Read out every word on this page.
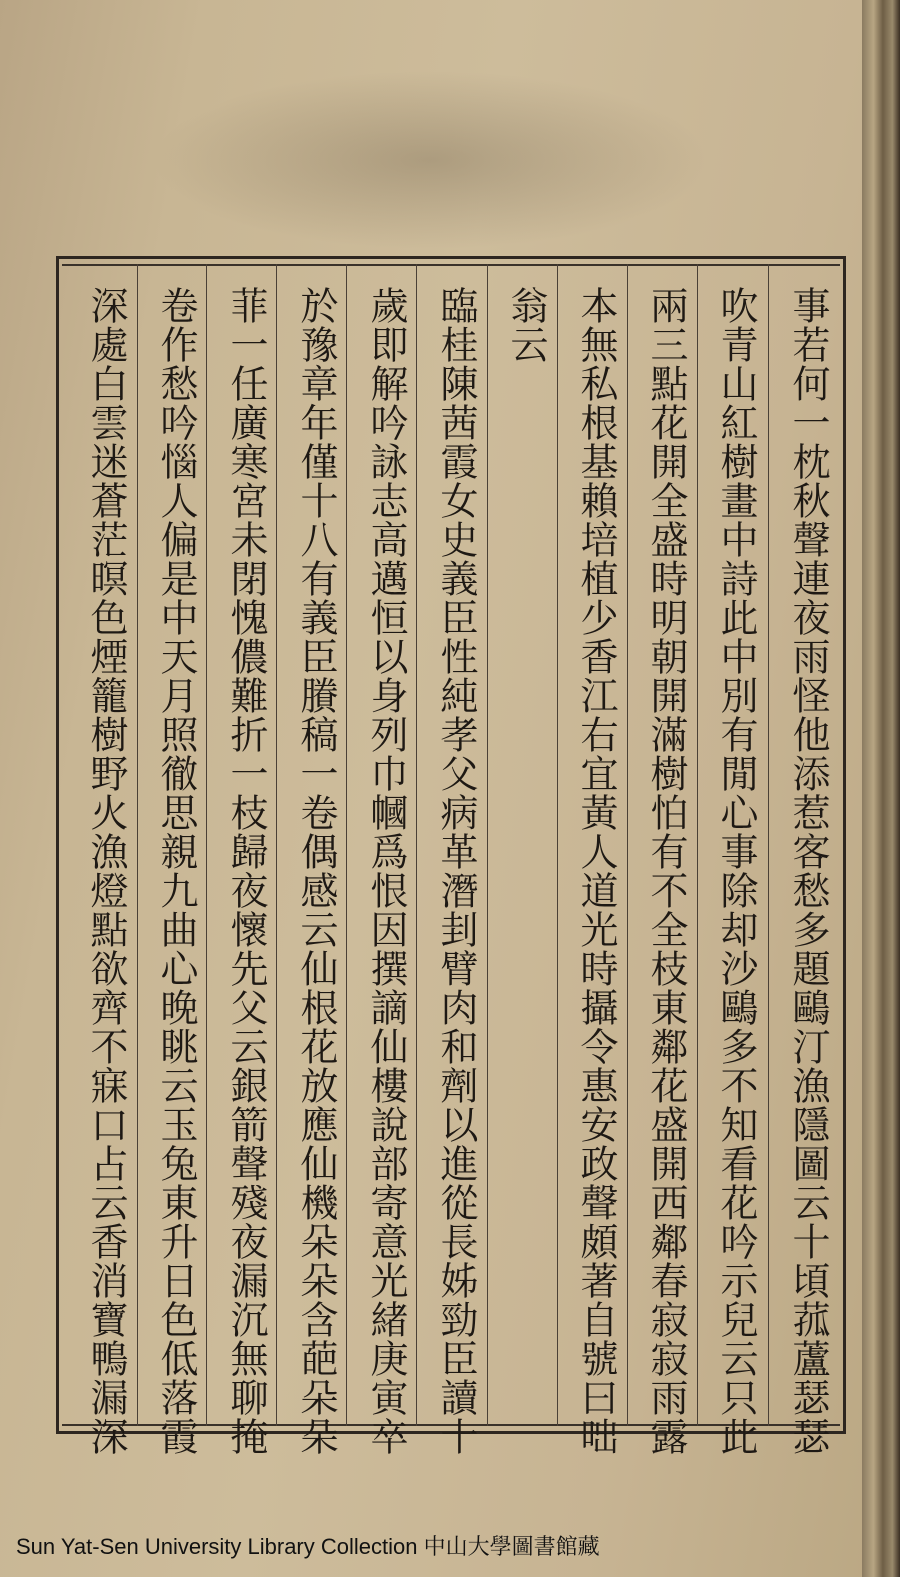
事若何一枕秋聲連夜雨怪他添惹客愁多題鷗汀漁隱圖云十頃菰蘆瑟瑟
吹青山紅樹畫中詩此中別有閒心事除却沙鷗多不知看花吟示兒云只此
兩三點花開全盛時明朝開滿樹怕有不全枝東鄰花盛開西鄰春寂寂雨露
本無私根基賴培植少香江右宜黃人道光時攝令惠安政聲頗著自號曰咄
翁云
臨桂陳茜霞女史義臣性純孝父病革潛刲臂肉和劑以進從長姊勁臣讀十
歲即解吟詠志高邁恒以身列巾幗爲恨因撰謫仙樓說部寄意光緒庚寅卒
於豫章年僅十八有義臣賸稿一卷偶感云仙根花放應仙機朵朵含葩朵朵
菲一任廣寒宮未閉愧儂難折一枝歸夜懷先父云銀箭聲殘夜漏沉無聊掩
卷作愁吟惱人偏是中天月照徹思親九曲心晚眺云玉兔東升日色低落霞
深處白雲迷蒼茫暝色煙籠樹野火漁燈點欲齊不寐口占云香消寶鴨漏深
Sun Yat-Sen University Library Collection 中山大學圖書館藏
